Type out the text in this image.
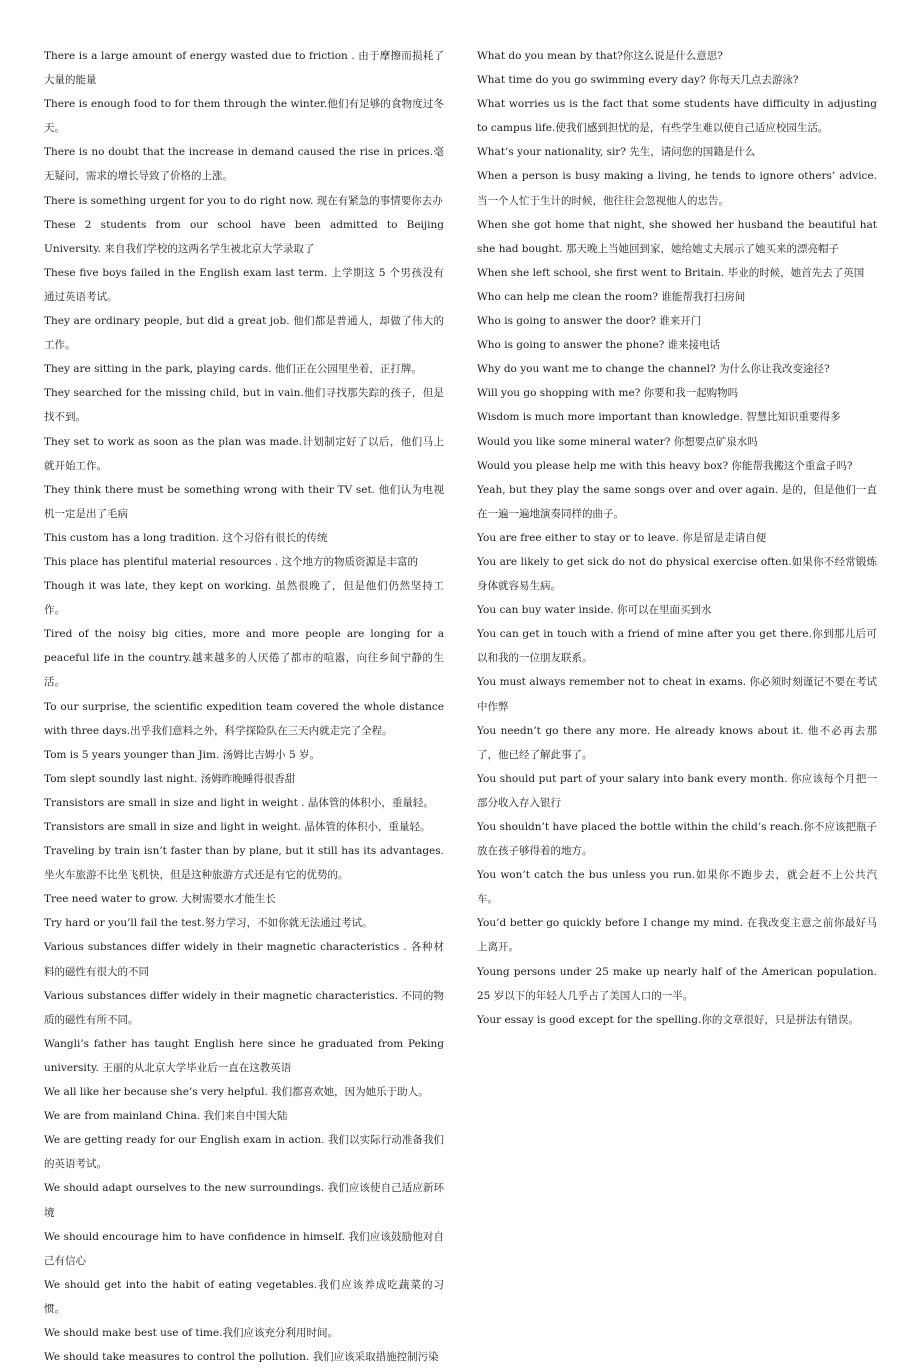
There is a large amount of energy wasted due to friction . 由于摩擦而损耗了大量的能量

There is enough food to for them through the winter.他们有足够的食物度过冬天。

There is no doubt that the increase in demand caused the rise in prices.毫无疑问，需求的增长导致了价格的上涨。

There is something urgent for you to do right now. 现在有紧急的事情要你去办

These 2 students from our school have been admitted to Beijing University. 来自我们学校的这两名学生被北京大学录取了

These five boys failed in the English exam last term. 上学期这 5 个男孩没有通过英语考试。

They are ordinary people, but did a great job. 他们都是普通人，却做了伟大的工作。

They are sitting in the park, playing cards. 他们正在公园里坐着，正打牌。

They searched for the missing child, but in vain.他们寻找那失踪的孩子，但是找不到。

They set to work as soon as the plan was made.计划制定好了以后，他们马上就开始工作。

They think there must be something wrong with their TV set. 他们认为电视机一定是出了毛病

This custom has a long tradition. 这个习俗有很长的传统

This place has plentiful material resources . 这个地方的物质资源是丰富的

Though it was late, they kept on working. 虽然很晚了，但是他们仍然坚持工作。

Tired of the noisy big cities, more and more people are longing for a peaceful life in the country.越来越多的人厌倦了都市的喧嚣，向往乡间宁静的生活。

To our surprise, the scientific expedition team covered the whole distance with three days.出乎我们意料之外，科学探险队在三天内就走完了全程。

Tom is 5 years younger than Jim. 汤姆比吉姆小 5 岁。

Tom slept soundly last night. 汤姆昨晚睡得很香甜

Transistors are small in size and light in weight . 晶体管的体积小，重量轻。

Transistors are small in size and light in weight. 晶体管的体积小，重量轻。

Traveling by train isn’t faster than by plane, but it still has its advantages. 坐火车旅游不比坐飞机快，但是这种旅游方式还是有它的优势的。

Tree need water to grow. 大树需要水才能生长

Try hard or you’ll fail the test.努力学习，不如你就无法通过考试。

Various substances differ widely in their magnetic characteristics . 各种材料的磁性有很大的不同

Various substances differ widely in their magnetic characteristics. 不同的物质的磁性有所不同。

Wangli’s father has taught English here since he graduated from Peking university. 王丽的从北京大学毕业后一直在这教英语

We all like her because she’s very helpful. 我们都喜欢她，因为她乐于助人。

We are from mainland China. 我们来自中国大陆

We are getting ready for our English exam in action. 我们以实际行动准备我们的英语考试。

We should adapt ourselves to the new surroundings. 我们应该使自己适应新环境

We should encourage him to have confidence in himself. 我们应该鼓励他对自己有信心

We should get into the habit of eating vegetables.我们应该养成吃蔬菜的习惯。

We should make best use of time.我们应该充分利用时间。

We should take measures to control the pollution. 我们应该采取措施控制污染

What do you mean by that?你这么说是什么意思?

What time do you go swimming every day? 你每天几点去游泳?

What worries us is the fact that some students have difficulty in adjusting to campus life.使我们感到担忧的是，有些学生难以使自己适应校园生活。

What’s your nationality, sir? 先生，请问您的国籍是什么

When a person is busy making a living, he tends to ignore others’ advice.当一个人忙于生计的时候，他往往会忽视他人的忠告。

When she got home that night, she showed her husband the beautiful hat she had bought. 那天晚上当她回到家，她给她丈夫展示了她买来的漂亮帽子

When she left school, she first went to Britain. 毕业的时候，她首先去了英国

Who can help me clean the room? 谁能帮我打扫房间

Who is going to answer the door? 谁来开门

Who is going to answer the phone? 谁来接电话

Why do you want me to change the channel? 为什么你让我改变途径?

Will you go shopping with me? 你要和我一起购物吗

Wisdom is much more important than knowledge. 智慧比知识重要得多

Would you like some mineral water? 你想要点矿泉水吗

Would you please help me with this heavy box? 你能帮我搬这个重盒子吗?

Yeah, but they play the same songs over and over again. 是的，但是他们一直在一遍一遍地演奏同样的曲子。

You are free either to stay or to leave. 你是留是走请自便

You are likely to get sick do not do physical exercise often.如果你不经常锻炼身体就容易生病。

You can buy water inside. 你可以在里面买到水

You can get in touch with a friend of mine after you get there.你到那儿后可以和我的一位朋友联系。

You must always remember not to cheat in exams. 你必须时刻谨记不要在考试中作弊

You needn’t go there any more. He already knows about it. 他不必再去那了，他已经了解此事了。

You should put part of your salary into bank every month. 你应该每个月把一部分收入存入银行

You shouldn’t have placed the bottle within the child’s reach.你不应该把瓶子放在孩子够得着的地方。

You won’t catch the bus unless you run.如果你不跑步去，就会赶不上公共汽车。

You’d better go quickly before I change my mind. 在我改变主意之前你最好马上离开。

Young persons under 25 make up nearly half of the American population. 25 岁以下的年轻人几乎占了美国人口的一半。

Your essay is good except for the spelling.你的文章很好，只是拼法有错误。
